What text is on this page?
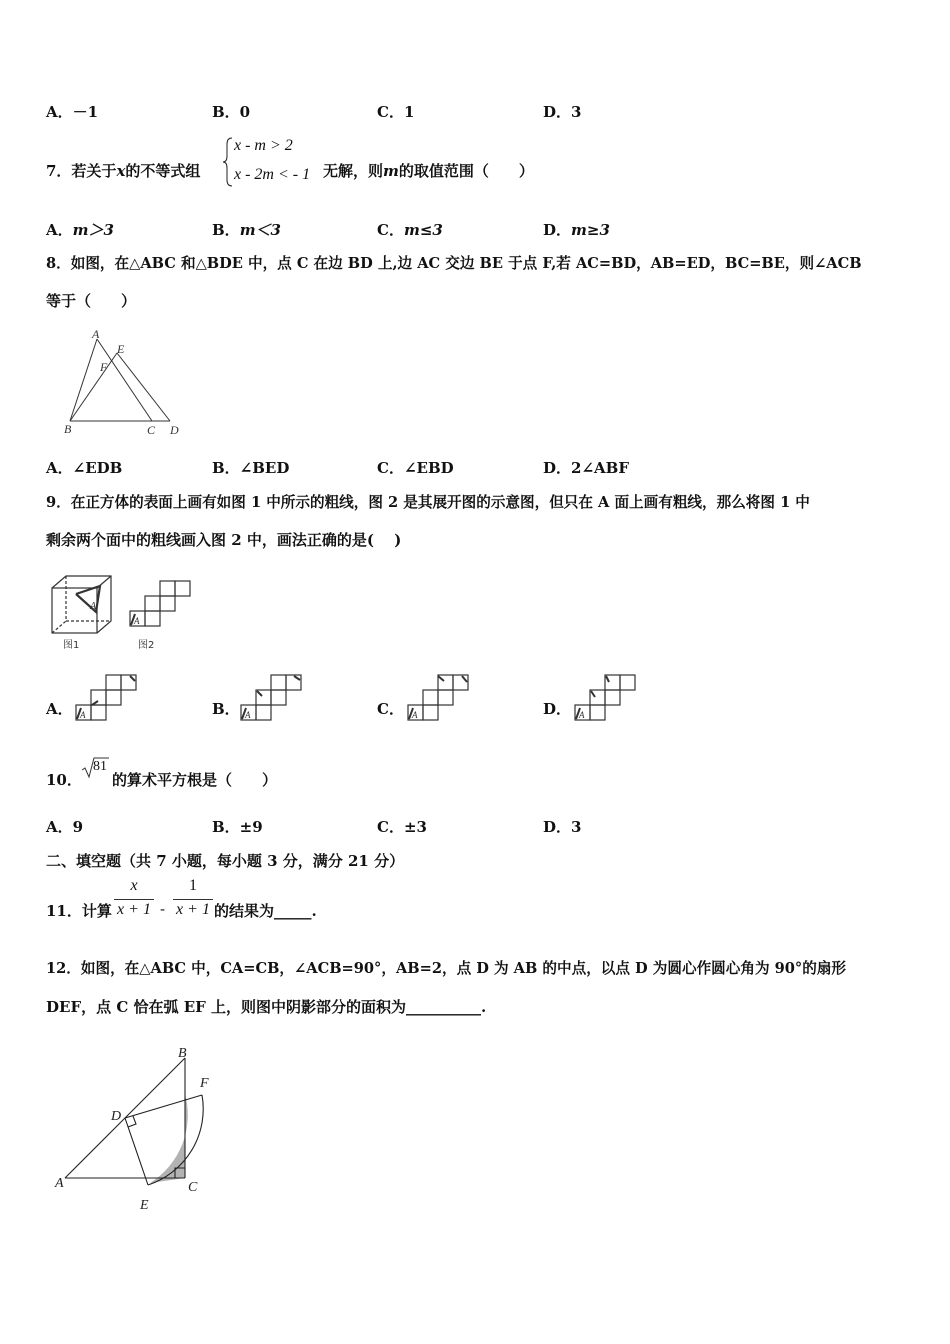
A．－1	B．0	C．1	D．3
7．若关于x的不等式组
x - m > 2
x - 2m < - 1 无解，则m的取值范围（　　）
A．m＞3	B．m＜3	C．m≤3	D．m≥3
8．如图，在△ABC 和△BDE 中，点 C 在边 BD 上,边 AC 交边 BE 于点 F,若 AC=BD，AB=ED，BC=BE，则∠ACB
等于（　　）
A
E
F
B	C D
A．∠EDB	B．∠BED	C．∠EBD	D．2∠ABF
9．在正方体的表面上画有如图 1 中所示的粗线，图 2 是其展开图的示意图，但只在 A 面上画有粗线，那么将图 1 中
剩余两个面中的粗线画入图 2 中，画法正确的是(　 )
A
图1
A
图2
A． A	B． A	C． A	D． A
10．
81
的算术平方根是（　　）
A．9	B．±9	C．±3	D．3
二、填空题（共 7 小题，每小题 3 分，满分 21 分）
11．计算
x
x + 1 -
1
x + 1 的结果为_____.
12．如图，在△ABC 中，CA=CB，∠ACB=90°，AB=2，点 D 为 AB 的中点，以点 D 为圆心作圆心角为 90°的扇形
DEF，点 C 恰在弧 EF 上，则图中阴影部分的面积为__________.
B
F
D
A	C
E
